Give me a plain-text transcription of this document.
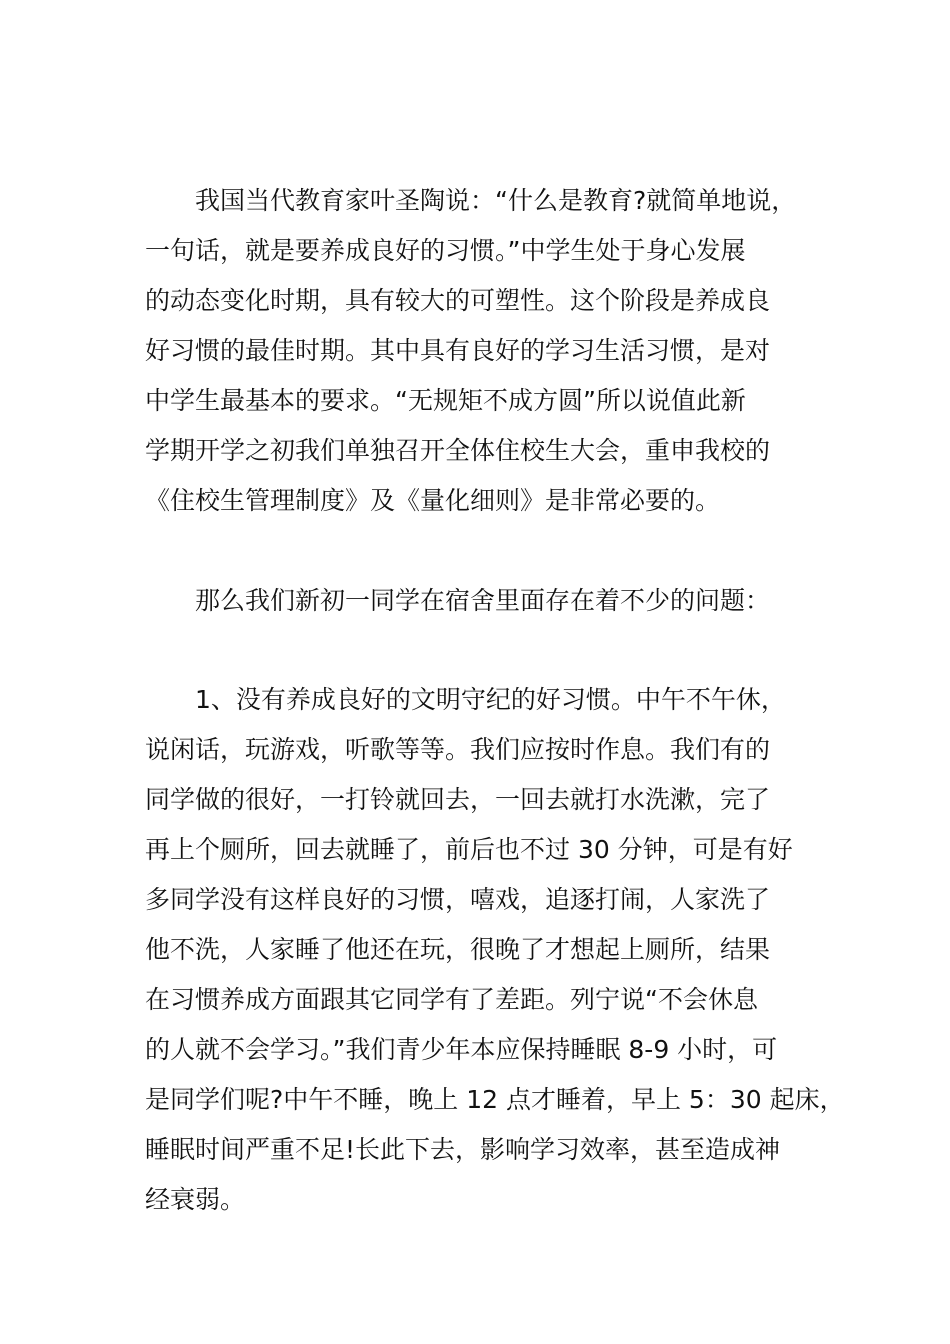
我国当代教育家叶圣陶说：“什么是教育?就简单地说，
一句话，就是要养成良好的习惯。”中学生处于身心发展
的动态变化时期，具有较大的可塑性。这个阶段是养成良
好习惯的最佳时期。其中具有良好的学习生活习惯，是对
中学生最基本的要求。“无规矩不成方圆”所以说值此新
学期开学之初我们单独召开全体住校生大会，重申我校的
《住校生管理制度》及《量化细则》是非常必要的。
那么我们新初一同学在宿舍里面存在着不少的问题：
1、没有养成良好的文明守纪的好习惯。中午不午休，
说闲话，玩游戏，听歌等等。我们应按时作息。我们有的
同学做的很好，一打铃就回去，一回去就打水洗漱，完了
再上个厕所，回去就睡了，前后也不过 30 分钟，可是有好
多同学没有这样良好的习惯，嘻戏，追逐打闹，人家洗了
他不洗，人家睡了他还在玩，很晚了才想起上厕所，结果
在习惯养成方面跟其它同学有了差距。列宁说“不会休息
的人就不会学习。”我们青少年本应保持睡眠 8-9 小时，可
是同学们呢?中午不睡，晚上 12 点才睡着，早上 5：30 起床，
睡眠时间严重不足!长此下去，影响学习效率，甚至造成神
经衰弱。
